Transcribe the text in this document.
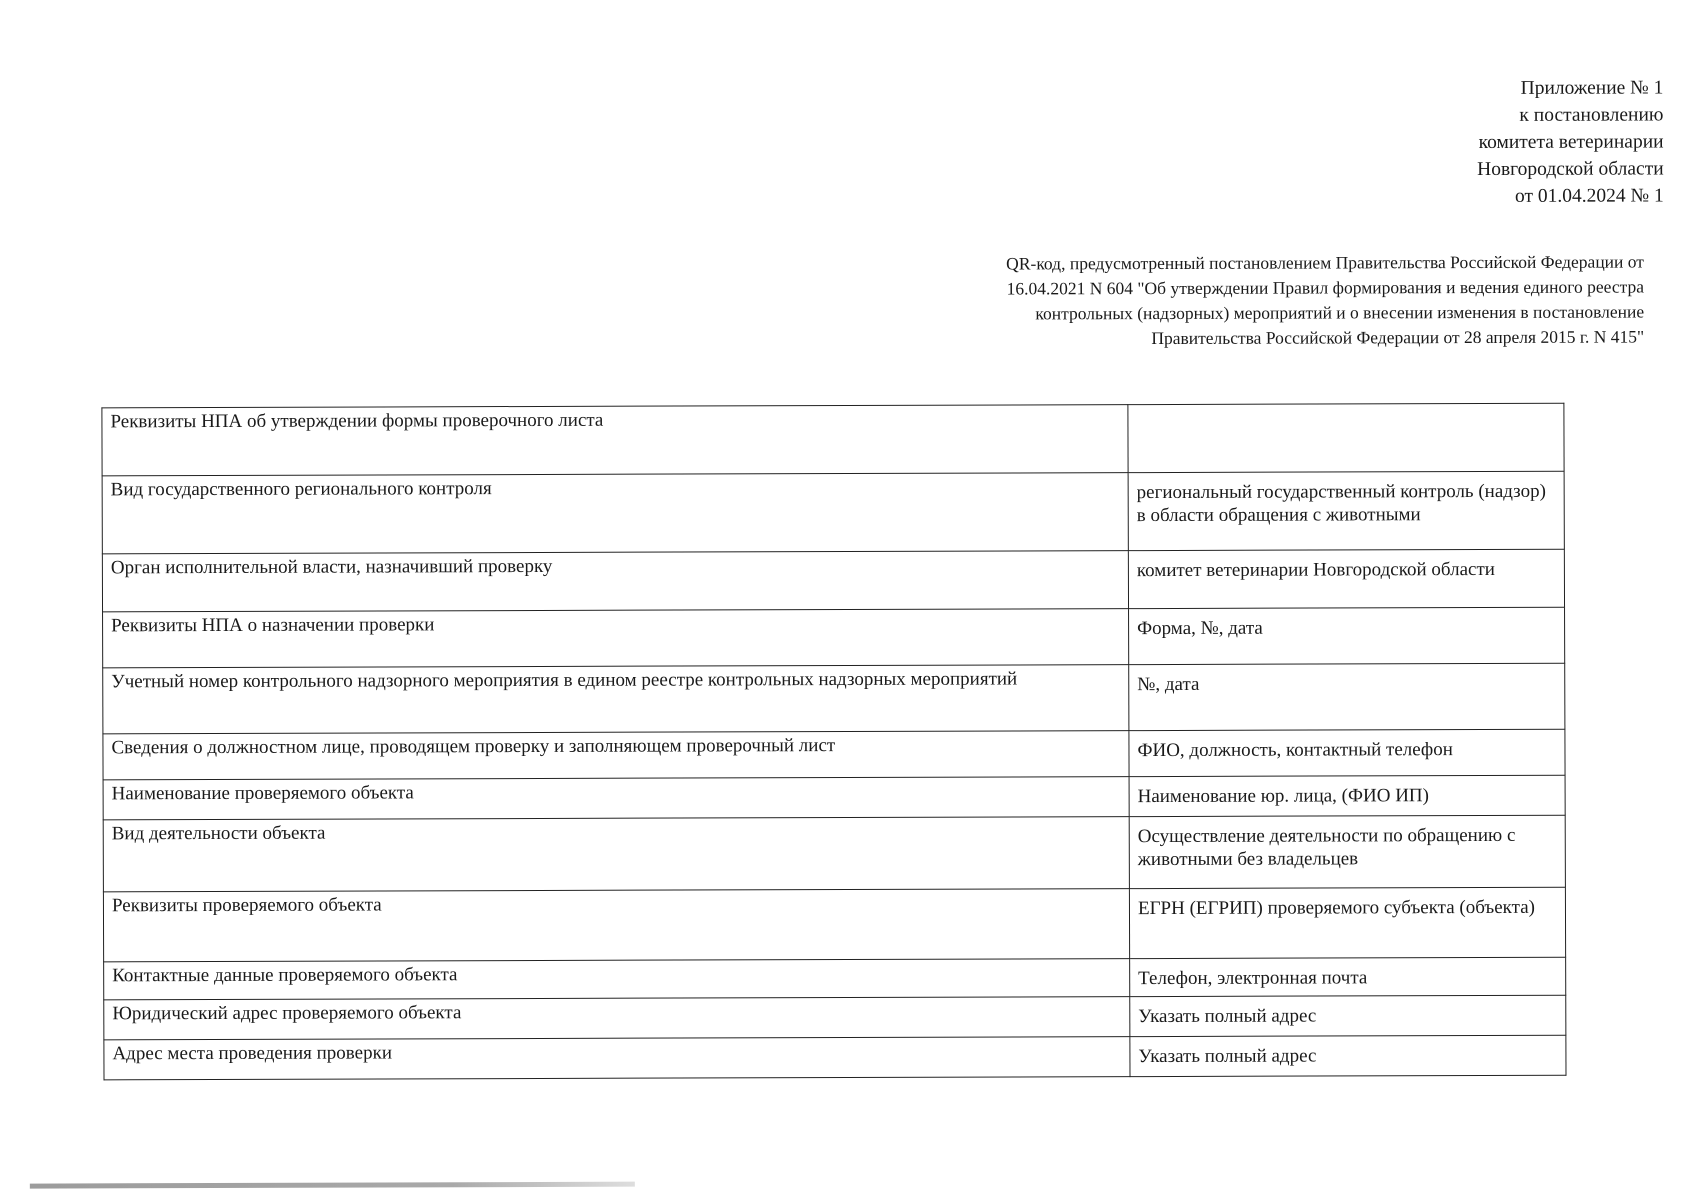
Приложение № 1
к постановлению
комитета ветеринарии
Новгородской области
от 01.04.2024 № 1
QR-код, предусмотренный постановлением Правительства Российской Федерации от
16.04.2021 N 604 "Об утверждении Правил формирования и ведения единого реестра
контрольных (надзорных) мероприятий и о внесении изменения в постановление
Правительства Российской Федерации от 28 апреля 2015 г. N 415"
Реквизиты НПА об утверждении формы проверочного листа	
Вид государственного регионального контроля	региональный государственный контроль (надзор) в области обращения с животными
Орган исполнительной власти, назначивший проверку	комитет ветеринарии Новгородской области
Реквизиты НПА о назначении проверки	Форма, №, дата
Учетный номер контрольного надзорного мероприятия в едином реестре контрольных надзорных мероприятий	№, дата
Сведения о должностном лице, проводящем проверку и заполняющем проверочный лист	ФИО, должность, контактный телефон
Наименование проверяемого объекта	Наименование юр. лица, (ФИО ИП)
Вид деятельности объекта	Осуществление деятельности по обращению с животными без владельцев
Реквизиты проверяемого объекта	ЕГРН (ЕГРИП) проверяемого субъекта (объекта)
Контактные данные проверяемого объекта	Телефон, электронная почта
Юридический адрес проверяемого объекта	Указать полный адрес
Адрес места проведения проверки	Указать полный адрес
